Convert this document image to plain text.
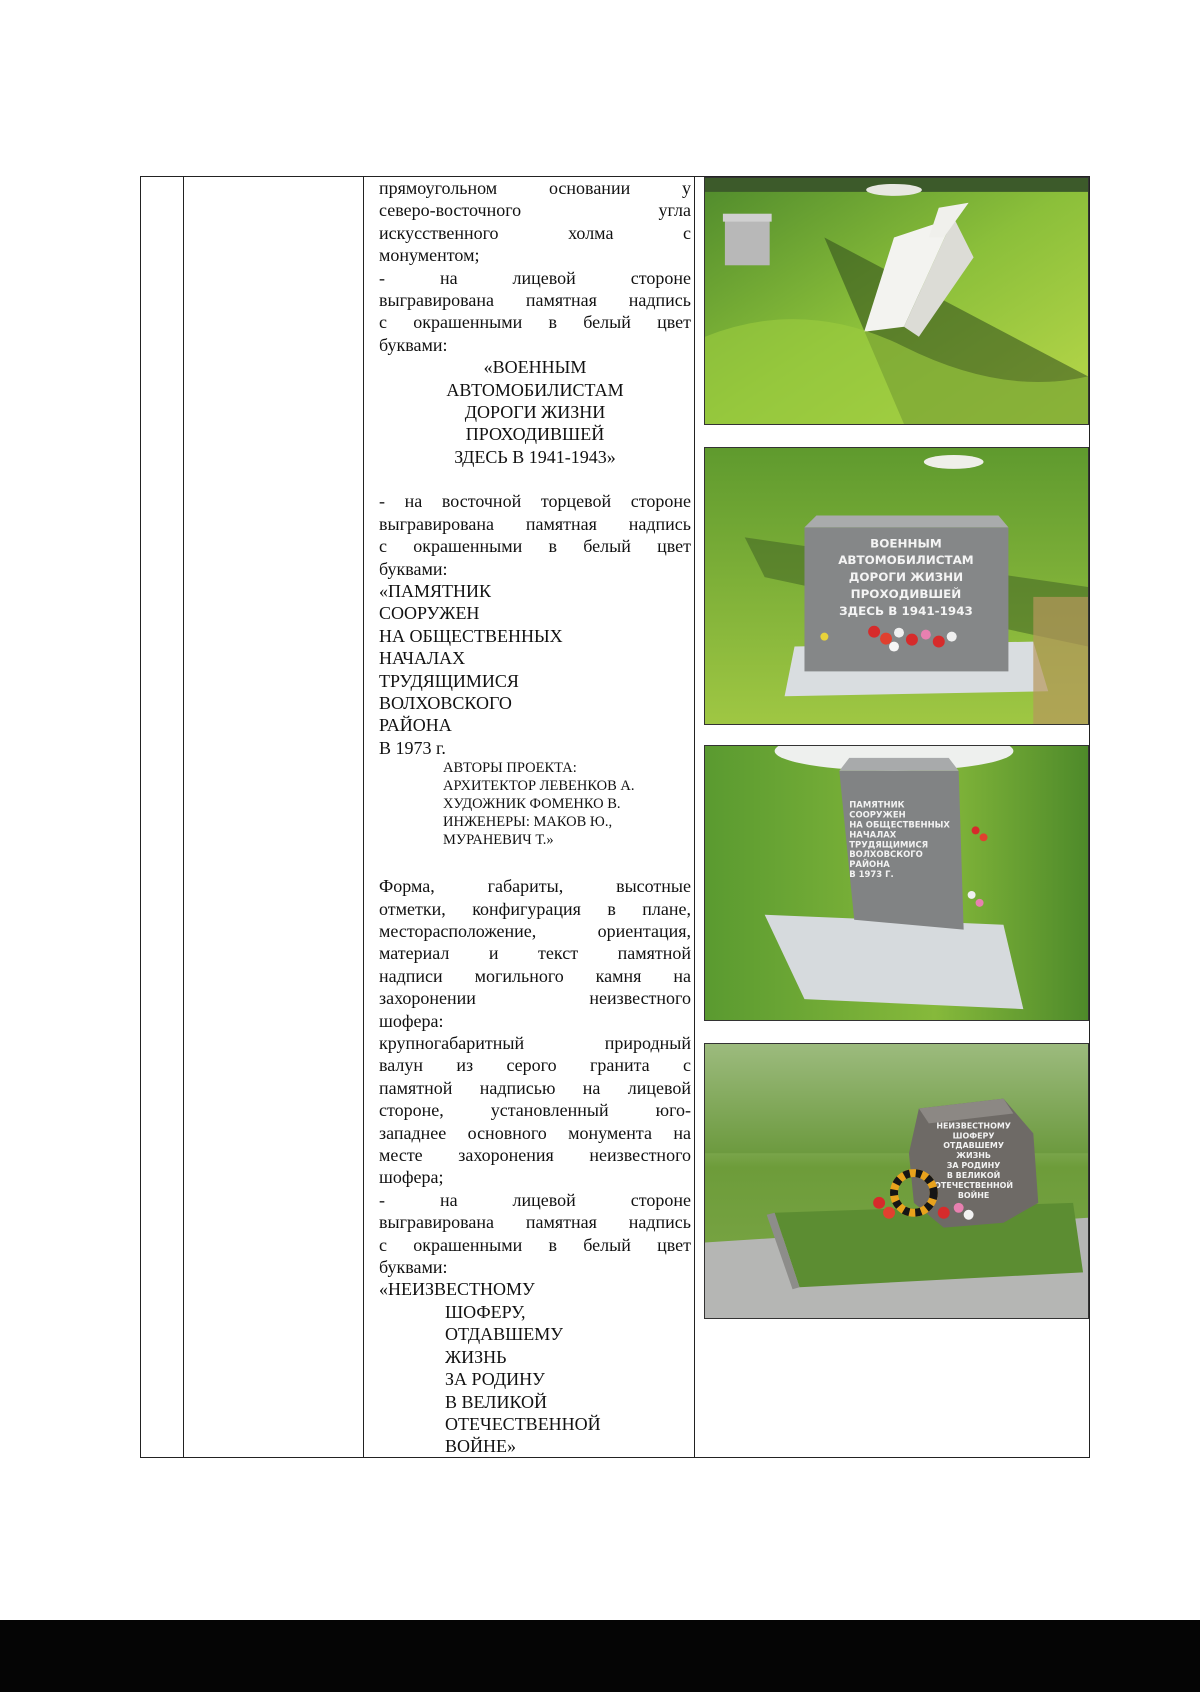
прямоугольном основании у

северо-восточного угла

искусственного холма с

монументом;

- на лицевой стороне

выгравирована памятная надпись

с окрашенными в белый цвет

буквами:

«ВОЕННЫМ

АВТОМОБИЛИСТАМ

ДОРОГИ ЖИЗНИ

ПРОХОДИВШЕЙ

ЗДЕСЬ В 1941-1943»

- на восточной торцевой стороне

выгравирована памятная надпись

с окрашенными в белый цвет

буквами:

«ПАМЯТНИК

СООРУЖЕН

НА ОБЩЕСТВЕННЫХ

НАЧАЛАХ

ТРУДЯЩИМИСЯ

ВОЛХОВСКОГО

РАЙОНА

В 1973 г.

АВТОРЫ ПРОЕКТА:

АРХИТЕКТОР ЛЕВЕНКОВ А.

ХУДОЖНИК ФОМЕНКО В.

ИНЖЕНЕРЫ: МАКОВ Ю.,

МУРАНЕВИЧ Т.»

Форма, габариты, высотные

отметки, конфигурация в плане,

месторасположение, ориентация,

материал и текст памятной

надписи могильного камня на

захоронении неизвестного

шофера:

крупногабаритный природный

валун из серого гранита с

памятной надписью на лицевой

стороне, установленный юго-

западнее основного монумента на

месте захоронения неизвестного

шофера;

- на лицевой стороне

выгравирована памятная надпись

с окрашенными в белый цвет

буквами:

«НЕИЗВЕСТНОМУ

ШОФЕРУ,

ОТДАВШЕМУ

ЖИЗНЬ

ЗА РОДИНУ

В ВЕЛИКОЙ

ОТЕЧЕСТВЕННОЙ

ВОЙНЕ»

ВОЕННЫМ
АВТОМОБИЛИСТАМ
ДОРОГИ ЖИЗНИ
ПРОХОДИВШЕЙ
ЗДЕСЬ В 1941-1943
ПАМЯТНИК
СООРУЖЕН
НА ОБЩЕСТВЕННЫХ
НАЧАЛАХ
ТРУДЯЩИМИСЯ
ВОЛХОВСКОГО
РАЙОНА
В 1973 Г.
НЕИЗВЕСТНОМУ
ШОФЕРУ
ОТДАВШЕМУ
ЖИЗНЬ
ЗА РОДИНУ
В ВЕЛИКОЙ
ОТЕЧЕСТВЕННОЙ
ВОЙНЕ
